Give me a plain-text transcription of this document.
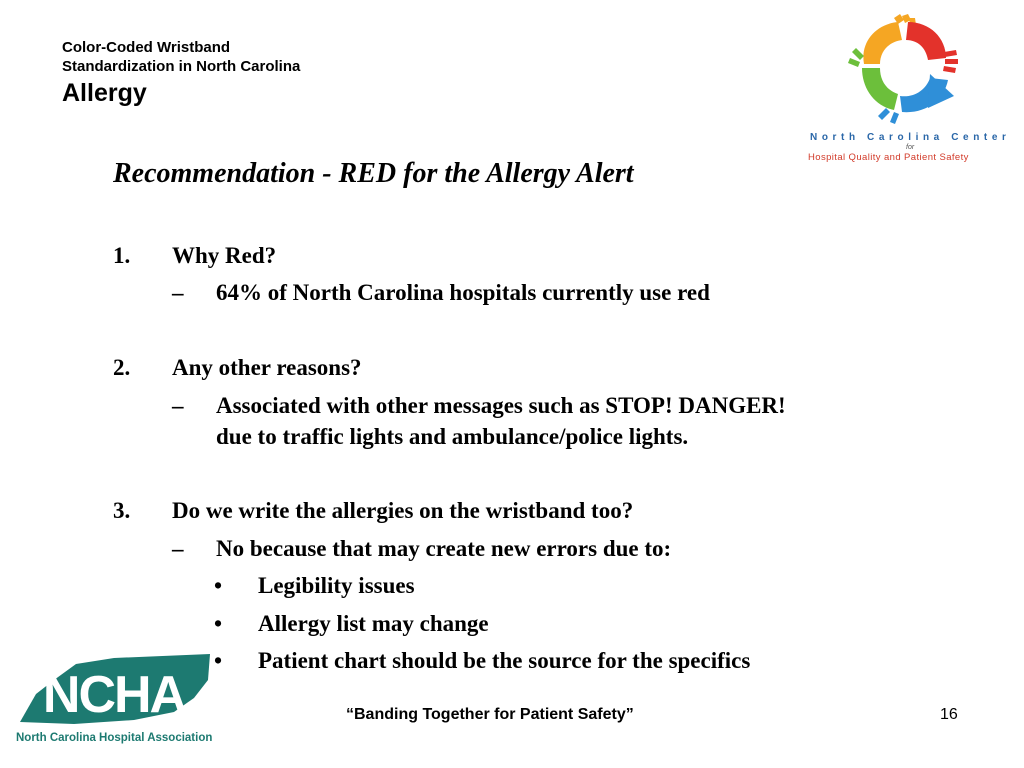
Color-Coded Wristband
Standardization in North Carolina
Allergy
North Carolina Center
for
Hospital Quality and Patient Safety
Recommendation - RED for the Allergy Alert
1. Why Red?
– 64% of North Carolina hospitals currently use red
2. Any other reasons?
– Associated with other messages such as STOP! DANGER!
due to traffic lights and ambulance/police lights.
3. Do we write the allergies on the wristband too?
– No because that may create new errors due to:
• Legibility issues
• Allergy list may change
• Patient chart should be the source for the specifics
NCHA
North Carolina Hospital Association
“Banding Together for Patient Safety”	16
